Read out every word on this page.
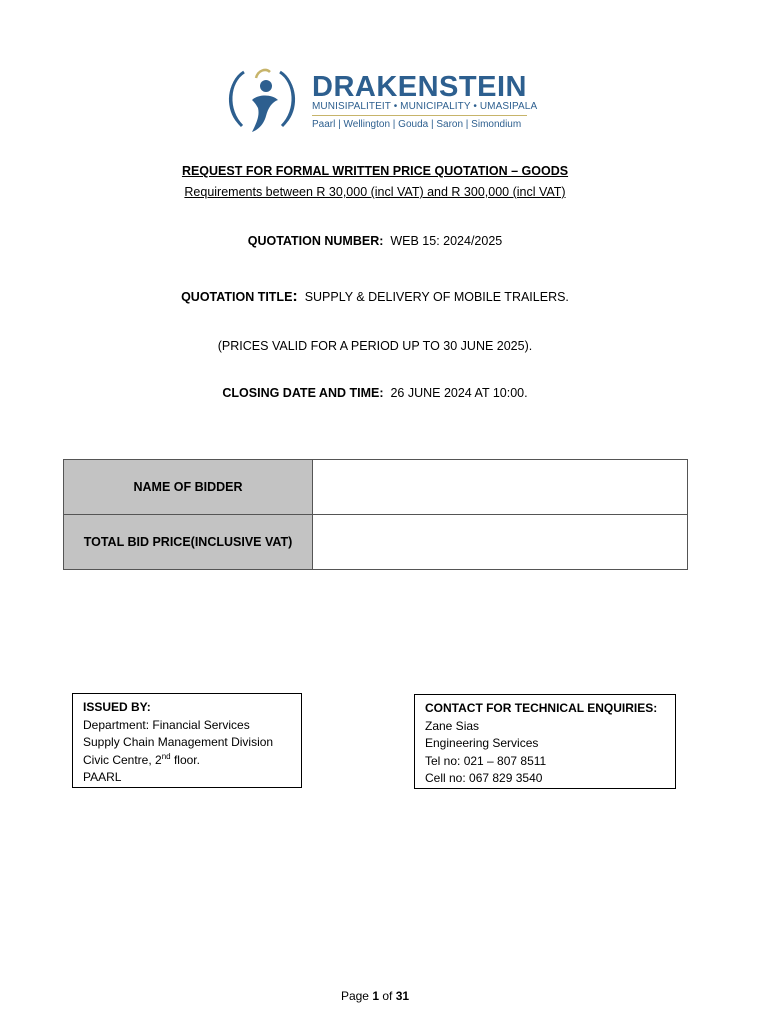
DRAKENSTEIN
MUNISIPALITEIT • MUNICIPALITY • UMASIPALA
Paarl | Wellington | Gouda | Saron | Simondium
REQUEST FOR FORMAL WRITTEN PRICE QUOTATION – GOODS
Requirements between R 30,000 (incl VAT) and R 300,000 (incl VAT)
QUOTATION NUMBER: WEB 15: 2024/2025
QUOTATION TITLE: SUPPLY & DELIVERY OF MOBILE TRAILERS.
(PRICES VALID FOR A PERIOD UP TO 30 JUNE 2025).
CLOSING DATE AND TIME: 26 JUNE 2024 AT 10:00.
NAME OF BIDDER	
TOTAL BID PRICE(INCLUSIVE VAT)	
ISSUED BY:
Department: Financial Services
Supply Chain Management Division
Civic Centre, 2nd floor.
PAARL
CONTACT FOR TECHNICAL ENQUIRIES:
Zane Sias
Engineering Services
Tel no: 021 – 807 8511
Cell no: 067 829 3540
Page 1 of 31
